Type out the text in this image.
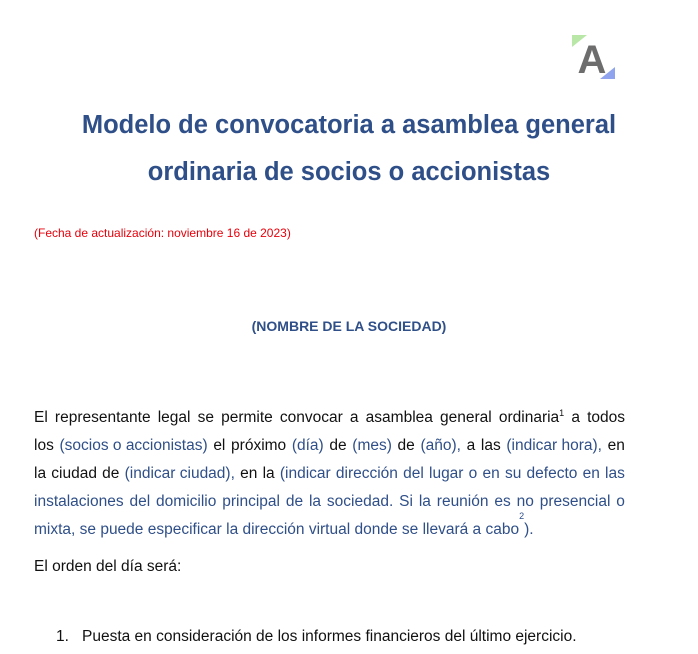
A
Modelo de convocatoria a asamblea general
ordinaria de socios o accionistas
(Fecha de actualización: noviembre 16 de 2023)
(NOMBRE DE LA SOCIEDAD)
El representante legal se permite convocar a asamblea general ordinaria$^1$ a todos
los (socios o accionistas) el próximo (día) de (mes) de (año), a las (indicar hora), en
la ciudad de (indicar ciudad), en la (indicar dirección del lugar o en su defecto en las
instalaciones del domicilio principal de la sociedad. Si la reunión es no presencial o
mixta, se puede especificar la dirección virtual donde se llevará a cabo
2
).
El orden del día será:
1. Puesta en consideración de los informes financieros del último ejercicio.
